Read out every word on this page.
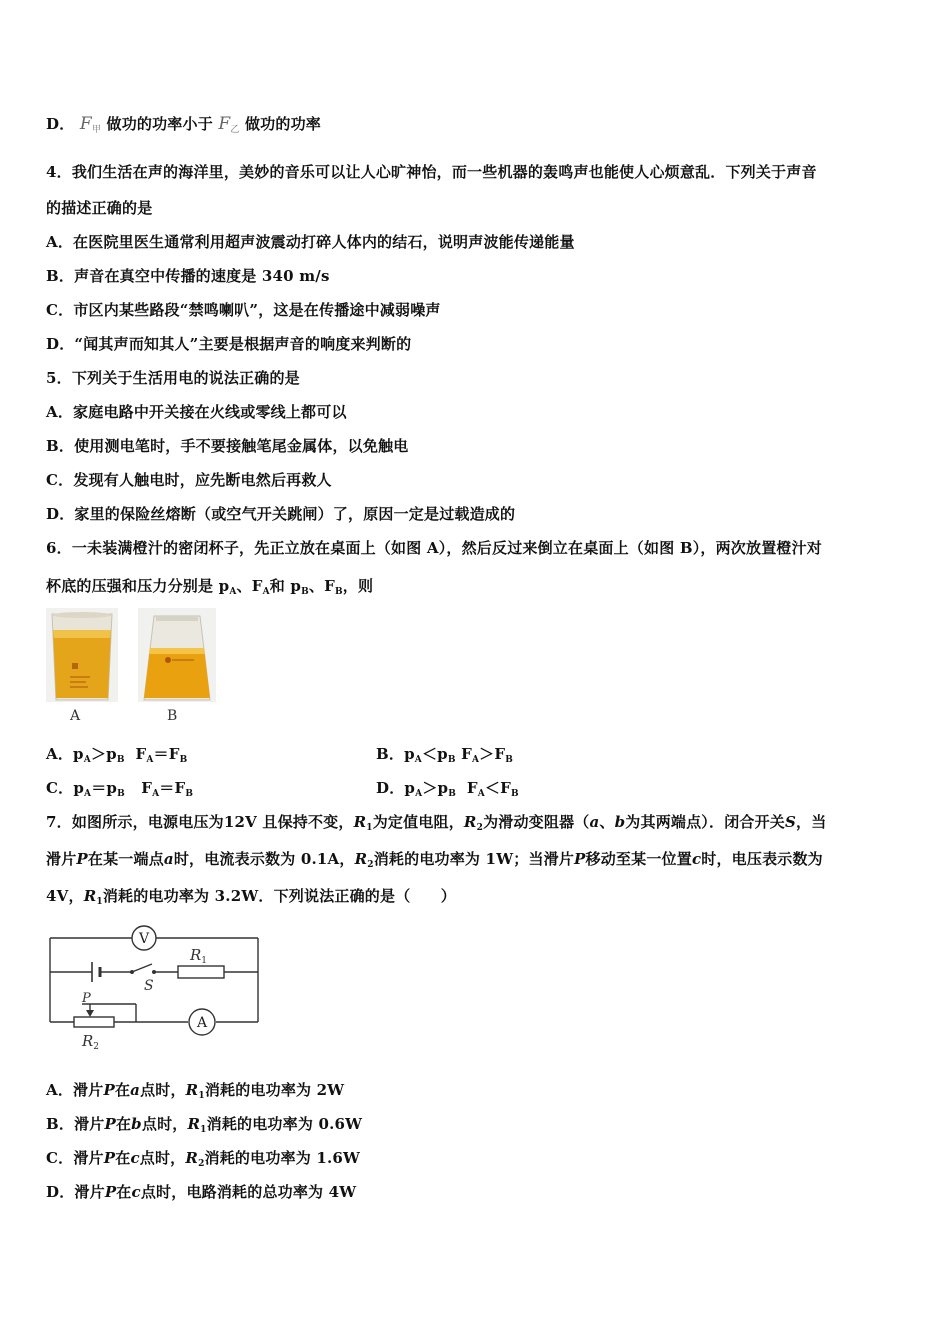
D． $F_甲$ 做功的功率小于 $F_乙$ 做功的功率
4．我们生活在声的海洋里，美妙的音乐可以让人心旷神怡，而一些机器的轰鸣声也能使人心烦意乱．下列关于声音
的描述正确的是
A．在医院里医生通常利用超声波震动打碎人体内的结石，说明声波能传递能量
B．声音在真空中传播的速度是 340 m/s
C．市区内某些路段“禁鸣喇叭”，这是在传播途中减弱噪声
D．“闻其声而知其人”主要是根据声音的响度来判断的
5．下列关于生活用电的说法正确的是
A．家庭电路中开关接在火线或零线上都可以
B．使用测电笔时，手不要接触笔尾金属体，以免触电
C．发现有人触电时，应先断电然后再救人
D．家里的保险丝熔断（或空气开关跳闸）了，原因一定是过载造成的
6．一未装满橙汁的密闭杯子，先正立放在桌面上（如图 A），然后反过来倒立在桌面上（如图 B），两次放置橙汁对
杯底的压强和压力分别是 $p_A$、$F_A$和 $p_B$、$F_B$，则
A	B
A．$p_A>p_B$  $F_A=F_B$	B．$p_A<p_B$ $F_A>F_B$
C．$p_A=p_B$   $F_A=F_B$	D．$p_A>p_B$  $F_A<F_B$
7．如图所示，电源电压为12V 且保持不变，$R_1$为定值电阻，$R_2$为滑动变阻器（a、b为其两端点）．闭合开关S，当
滑片P在某一端点a时，电流表示数为 0.1A，$R_2$消耗的电功率为 1W；当滑片P移动至某一位置c时，电压表示数为
4V，$R_1$消耗的电功率为 3.2W．下列说法正确的是（　　）
V
S
$R_1$
P
$R_2$
A
A．滑片P在a点时，$R_1$消耗的电功率为 2W
B．滑片P在b点时，$R_1$消耗的电功率为 0.6W
C．滑片P在c点时，$R_2$消耗的电功率为 1.6W
D．滑片P在c点时，电路消耗的总功率为 4W
